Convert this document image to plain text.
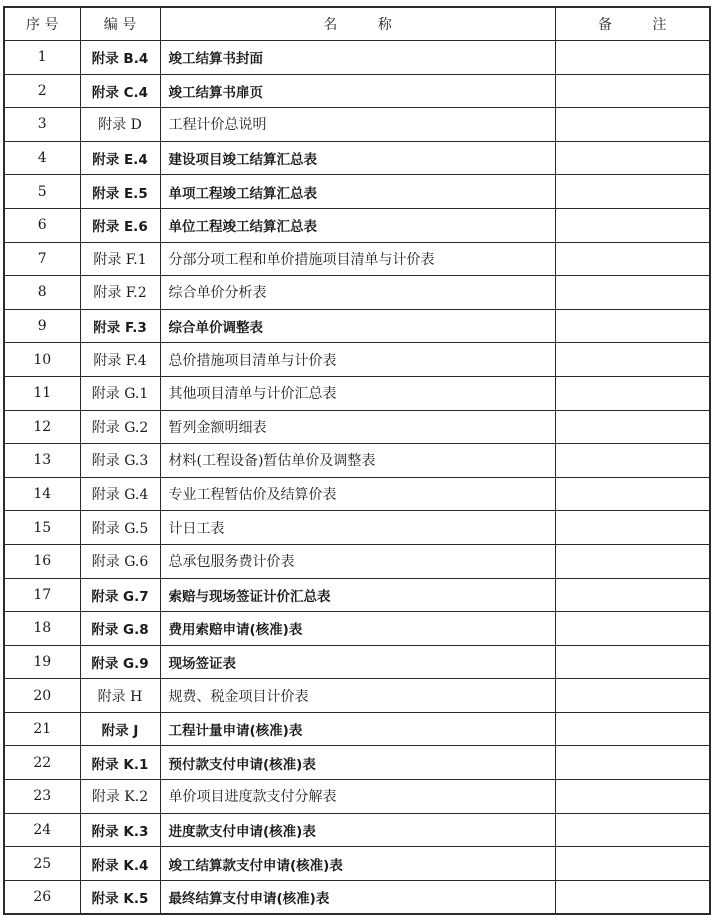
序 号	编 号	名 称	备 注
1	附录 B.4	竣工结算书封面	
2	附录 C.4	竣工结算书扉页	
3	附录 D	工程计价总说明	
4	附录 E.4	建设项目竣工结算汇总表	
5	附录 E.5	单项工程竣工结算汇总表	
6	附录 E.6	单位工程竣工结算汇总表	
7	附录 F.1	分部分项工程和单价措施项目清单与计价表	
8	附录 F.2	综合单价分析表	
9	附录 F.3	综合单价调整表	
10	附录 F.4	总价措施项目清单与计价表	
11	附录 G.1	其他项目清单与计价汇总表	
12	附录 G.2	暂列金额明细表	
13	附录 G.3	材料(工程设备)暂估单价及调整表	
14	附录 G.4	专业工程暂估价及结算价表	
15	附录 G.5	计日工表	
16	附录 G.6	总承包服务费计价表	
17	附录 G.7	索赔与现场签证计价汇总表	
18	附录 G.8	费用索赔申请(核准)表	
19	附录 G.9	现场签证表	
20	附录 H	规费、税金项目计价表	
21	附录 J	工程计量申请(核准)表	
22	附录 K.1	预付款支付申请(核准)表	
23	附录 K.2	单价项目进度款支付分解表	
24	附录 K.3	进度款支付申请(核准)表	
25	附录 K.4	竣工结算款支付申请(核准)表	
26	附录 K.5	最终结算支付申请(核准)表	
